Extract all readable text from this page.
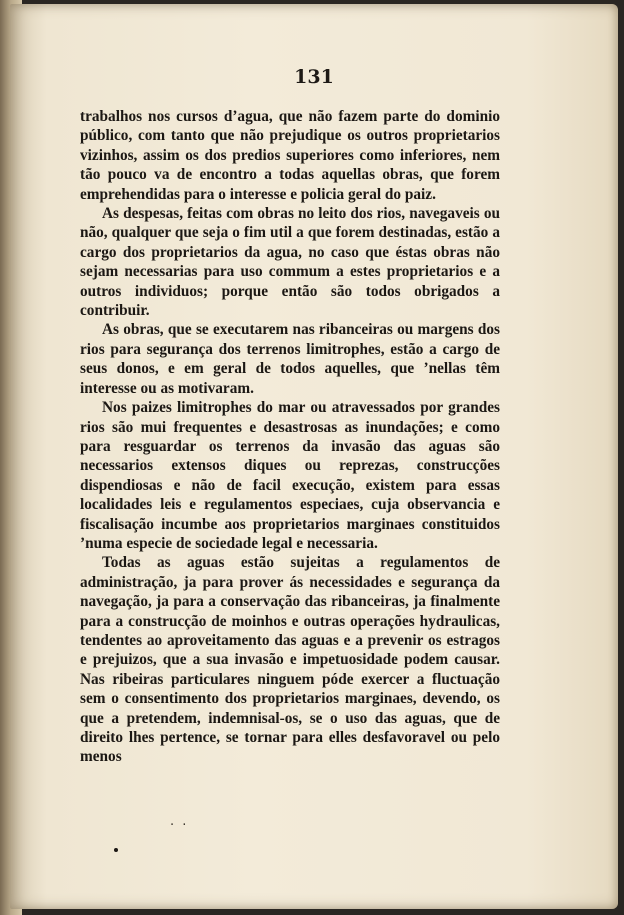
131

trabalhos nos cursos d’agua, que não fazem parte do dominio público, com tanto que não prejudique os outros proprietarios vizinhos, assim os dos predios superiores como inferiores, nem tão pouco va de encontro a todas aquellas obras, que forem emprehendidas para o interesse e policia geral do paiz.

As despesas, feitas com obras no leito dos rios, navegaveis ou não, qualquer que seja o fim util a que forem destinadas, estão a cargo dos proprietarios da agua, no caso que éstas obras não sejam necessarias para uso commum a estes proprietarios e a outros individuos; porque então são todos obrigados a contribuir.

As obras, que se executarem nas ribanceiras ou margens dos rios para segurança dos terrenos limitrophes, estão a cargo de seus donos, e em geral de todos aquelles, que ’nellas têm interesse ou as motivaram.

Nos paizes limitrophes do mar ou atravessados por grandes rios são mui frequentes e desastrosas as inundações; e como para resguardar os terrenos da invasão das aguas são necessarios extensos diques ou reprezas, construcções dispendiosas e não de facil execução, existem para essas localidades leis e regulamentos especiaes, cuja observancia e fiscalisação incumbe aos proprietarios marginaes constituidos ’numa especie de sociedade legal e necessaria.

Todas as aguas estão sujeitas a regulamentos de administração, ja para prover ás necessidades e segurança da navegação, ja para a conservação das ribanceiras, ja finalmente para a construcção de moinhos e outras operações hydraulicas, tendentes ao aproveitamento das aguas e a prevenir os estragos e prejuizos, que a sua invasão e impetuosidade podem causar. Nas ribeiras particulares ninguem póde exercer a fluctuação sem o consentimento dos proprietarios marginaes, devendo, os que a pretendem, indemnisal-os, se o uso das aguas, que de direito lhes pertence, se tornar para elles desfavoravel ou pelo menos

· ·
